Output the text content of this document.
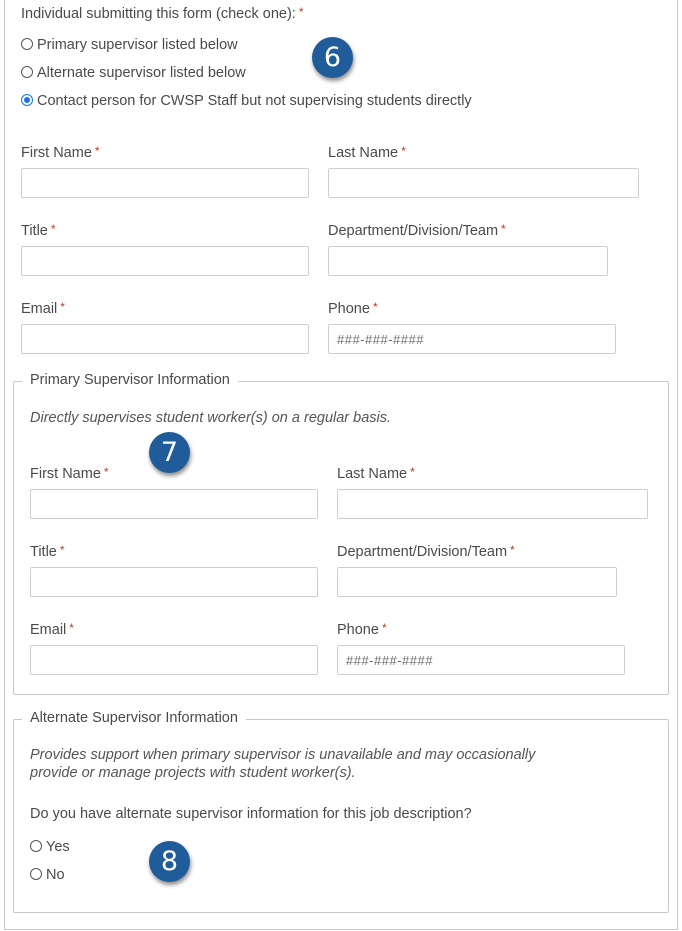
Individual submitting this form (check one): *
Primary supervisor listed below
Alternate supervisor listed below
Contact person for CWSP Staff but not supervising students directly
6
First Name *	Last Name *
Title *	Department/Division/Team *
Email *	Phone *
###-###-####
Primary Supervisor Information
Directly supervises student worker(s) on a regular basis.
7
First Name *	Last Name *
Title *	Department/Division/Team *
Email *	Phone *
###-###-####
Alternate Supervisor Information
Provides support when primary supervisor is unavailable and may occasionally
provide or manage projects with student worker(s).
Do you have alternate supervisor information for this job description?
Yes
No	8
